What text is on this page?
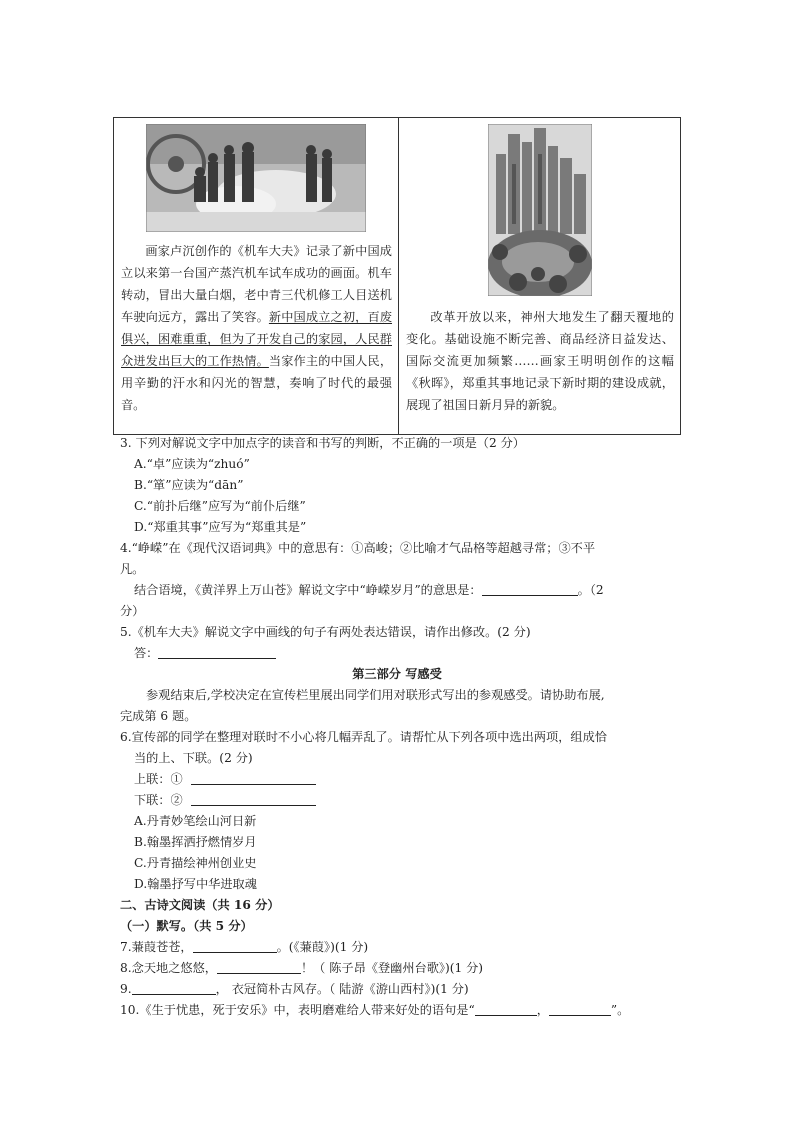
画家卢沉创作的《机车大夫》记录了新中国成立以来第一台国产蒸汽机车试车成功的画面。机车转动，冒出大量白烟，老中青三代机修工人目送机车驶向远方，露出了笑容。新中国成立之初，百废俱兴，困难重重，但为了开发自己的家园，人民群众迸发出巨大的工作热情。当家作主的中国人民，用辛勤的汗水和闪光的智慧，奏响了时代的最强音。

改革开放以来，神州大地发生了翻天覆地的变化。基础设施不断完善、商品经济日益发达、国际交流更加频繁……画家王明明创作的这幅《秋晖》，郑重其事地记录下新时期的建设成就，展现了祖国日新月异的新貌。

3. 下列对解说文字中加点字的读音和书写的判断，不正确的一项是（2 分）
A.“卓”应读为“zhuó”
B.“箪”应读为“dān”
C.“前扑后继”应写为“前仆后继”
D.“郑重其事”应写为“郑重其是”
4.“峥嵘”在《现代汉语词典》中的意思有：①高峻；②比喻才气品格等超越寻常；③不平
凡。
结合语境，《黄洋界上万山苍》解说文字中“峥嵘岁月”的意思是：	。（2
分）
5.《机车大夫》解说文字中画线的句子有两处表达错误，请作出修改。(2 分)
答：
第三部分 写感受
参观结束后,学校决定在宣传栏里展出同学们用对联形式写出的参观感受。请协助布展,
完成第 6 题。
6.宣传部的同学在整理对联时不小心将几幅弄乱了。请帮忙从下列各项中选出两项，组成恰
当的上、下联。(2 分)
上联：①
下联：②
A.丹青妙笔绘山河日新
B.翰墨挥洒抒燃情岁月
C.丹青描绘神州创业史
D.翰墨抒写中华进取魂
二、古诗文阅读（共 16 分）
（一）默写。（共 5 分）
7.蒹葭苍苍，	。(《蒹葭》)(1 分)
8.念天地之悠悠，	！（ 陈子昂《登幽州台歌》)(1 分)
9.	， 衣冠简朴古风存。（ 陆游《游山西村》)(1 分)
10.《生于忧患，死于安乐》中，表明磨难给人带来好处的语句是“	，	”。
